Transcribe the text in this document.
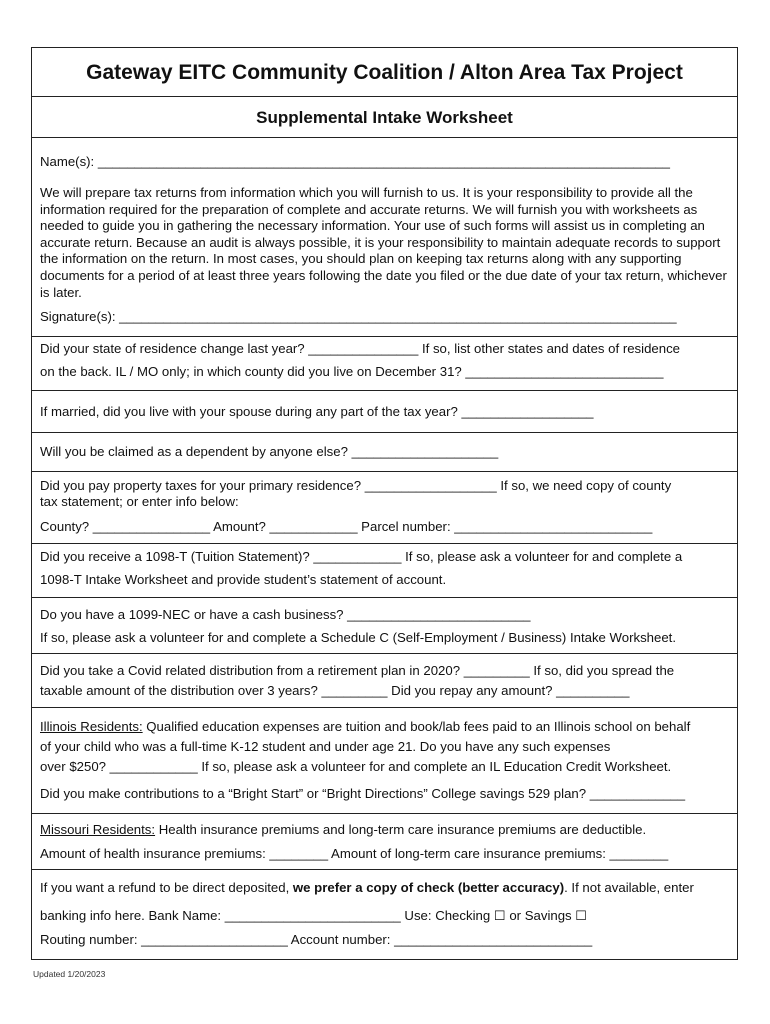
Gateway EITC Community Coalition / Alton Area Tax Project
Supplemental Intake Worksheet
Name(s): ______________________________________________________________________________
We will prepare tax returns from information which you will furnish to us. It is your responsibility to provide all the information required for the preparation of complete and accurate returns. We will furnish you with worksheets as needed to guide you in gathering the necessary information. Your use of such forms will assist us in completing an accurate return. Because an audit is always possible, it is your responsibility to maintain adequate records to support the information on the return. In most cases, you should plan on keeping tax returns along with any supporting documents for a period of at least three years following the date you filed or the due date of your tax return, whichever is later.
Signature(s): ____________________________________________________________________________
Did your state of residence change last year? _______________ If so, list other states and dates of residence
on the back. IL / MO only; in which county did you live on December 31? ___________________________
If married, did you live with your spouse during any part of the tax year? __________________
Will you be claimed as a dependent by anyone else? ____________________
Did you pay property taxes for your primary residence? __________________ If so, we need copy of county
tax statement; or enter info below:
County? ________________ Amount? ____________ Parcel number: ___________________________
Did you receive a 1098-T (Tuition Statement)? ____________ If so, please ask a volunteer for and complete a
1098-T Intake Worksheet and provide student’s statement of account.
Do you have a 1099-NEC or have a cash business? _________________________
If so, please ask a volunteer for and complete a Schedule C (Self-Employment / Business) Intake Worksheet.
Did you take a Covid related distribution from a retirement plan in 2020? _________ If so, did you spread the
taxable amount of the distribution over 3 years? _________ Did you repay any amount? __________
Illinois Residents: Qualified education expenses are tuition and book/lab fees paid to an Illinois school on behalf
of your child who was a full-time K-12 student and under age 21. Do you have any such expenses
over $250? ____________ If so, please ask a volunteer for and complete an IL Education Credit Worksheet.
Did you make contributions to a “Bright Start” or “Bright Directions” College savings 529 plan? _____________
Missouri Residents: Health insurance premiums and long-term care insurance premiums are deductible.
Amount of health insurance premiums: ________ Amount of long-term care insurance premiums: ________
If you want a refund to be direct deposited, we prefer a copy of check (better accuracy). If not available, enter
banking info here. Bank Name: ________________________ Use: Checking ☐ or Savings ☐
Routing number: ____________________ Account number: ___________________________
Updated 1/20/2023
